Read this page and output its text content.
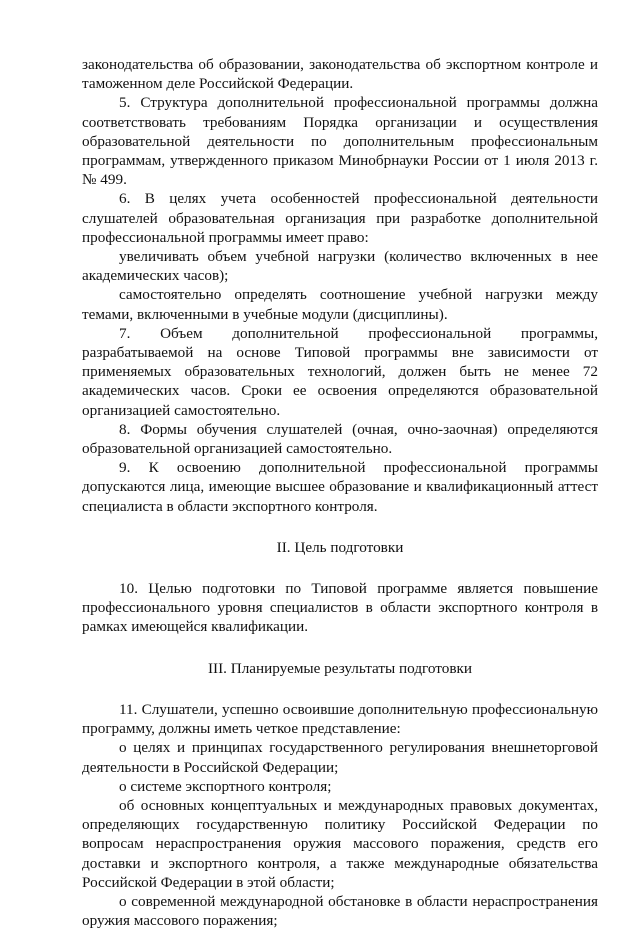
законодательства об образовании, законодательства об экспортном контроле и таможенном деле Российской Федерации.

5. Структура дополнительной профессиональной программы должна соответствовать требованиям Порядка организации и осуществления образовательной деятельности по дополнительным профессиональным программам, утвержденного приказом Минобрнауки России от 1 июля 2013 г. № 499.

6. В целях учета особенностей профессиональной деятельности слушателей образовательная организация при разработке дополнительной профессиональной программы имеет право:

увеличивать объем учебной нагрузки (количество включенных в нее академических часов);

самостоятельно определять соотношение учебной нагрузки между темами, включенными в учебные модули (дисциплины).

7. Объем дополнительной профессиональной программы, разрабатываемой на основе Типовой программы вне зависимости от применяемых образовательных технологий, должен быть не менее 72 академических часов. Сроки ее освоения определяются образовательной организацией самостоятельно.

8. Формы обучения слушателей (очная, очно-заочная) определяются образовательной организацией самостоятельно.

9. К освоению дополнительной профессиональной программы допускаются лица, имеющие высшее образование и квалификационный аттест специалиста в области экспортного контроля.

II. Цель подготовки

10. Целью подготовки по Типовой программе является повышение профессионального уровня специалистов в области экспортного контроля в рамках имеющейся квалификации.

III. Планируемые результаты подготовки

11. Слушатели, успешно освоившие дополнительную профессиональную программу, должны иметь четкое представление:

о целях и принципах государственного регулирования внешнеторговой деятельности в Российской Федерации;

о системе экспортного контроля;

об основных концептуальных и международных правовых документах, определяющих государственную политику Российской Федерации по вопросам нераспространения оружия массового поражения, средств его доставки и экспортного контроля, а также международные обязательства Российской Федерации в этой области;

о современной международной обстановке в области нераспространения оружия массового поражения;
